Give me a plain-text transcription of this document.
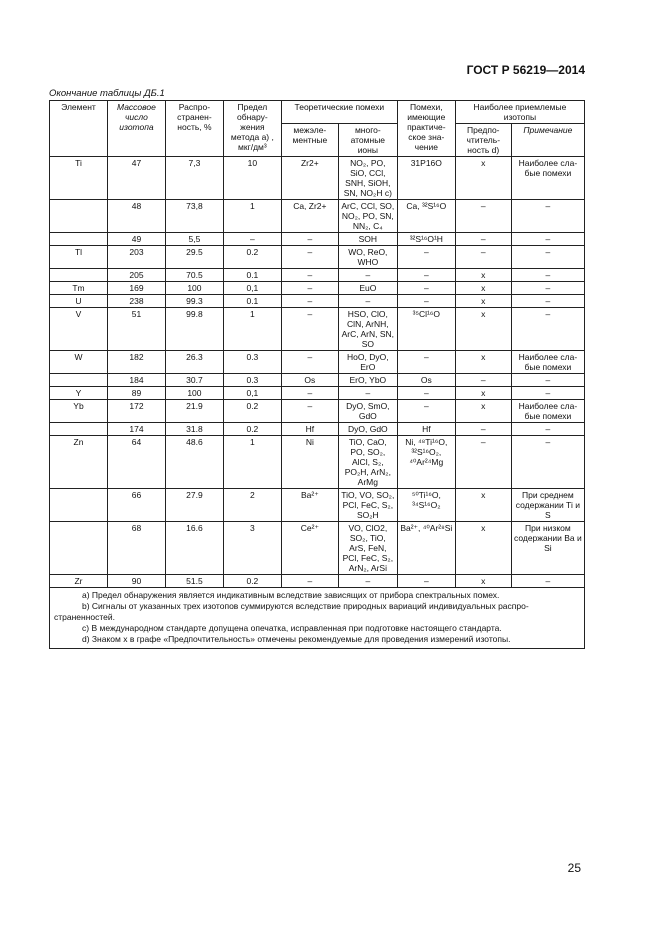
ГОСТ Р 56219—2014
Окончание таблицы ДБ.1
Элемент	Массовое число изотопа	Распро- странен- ность, %	Предел обнару- жения метода а) , мкг/дм³	Теоретические помехи		Помехи, имеющие практиче- ское зна- чение	Наиболее приемлемые изотопы	
				межэле- ментные	много- атомные ионы		Предпо- чтитель- ность d)	Примечание
Ti	47	7,3	10	Zr2+	NO₂, PO, SiO, CCl, SNH, SiOH, SN, NO₂H c)	31P16O	x	Наиболее сла- бые помехи
	48	73,8	1	Ca, Zr2+	ArC, CCl, SO, NO₂, PO, SN, NN₂, C₄	Ca, ³²S¹⁶O	–	–
	49	5,5	–	–	SOH	³²S¹⁶O¹H	–	–
Tl	203	29.5	0.2	–	WO, ReO, WHO	–	–	–
	205	70.5	0.1	–	–	–	x	–
Tm	169	100	0,1	–	EuO	–	x	–
U	238	99.3	0.1	–	–	–	x	–
V	51	99.8	1	–	HSO, ClO, ClN, ArNH, ArC, ArN, SN, SO	³⁵Cl¹⁶O	x	–
W	182	26.3	0.3	–	HoO, DyO, ErO	–	x	Наиболее сла- бые помехи
	184	30.7	0.3	Os	ErO, YbO	Os	–	–
Y	89	100	0,1	–	–	–	x	–
Yb	172	21.9	0.2	–	DyO, SmO, GdO	–	x	Наиболее сла- бые помехи
	174	31.8	0.2	Hf	DyO, GdO	Hf	–	–
Zn	64	48.6	1	Ni	TiO, CaO, PO, SO₂, AlCl, S₂, PO₂H, ArN₂, ArMg	Ni, ⁴⁸Ti¹⁶O, ³²S¹⁶O₂, ⁴⁰Ar²⁴Mg	–	–
	66	27.9	2	Ba²⁺	TiO, VO, SO₂, PCl, FeC, S₂, SO₂H	⁵⁰Ti¹⁶O, ³⁴S¹⁶O₂	x	При среднем содержании Ti и S
	68	16.6	3	Ce²⁺	VO, ClO2, SO₂, TiO, ArS, FeN, PCl, FeC, S₂, ArN₂, ArSi	Ba²⁺, ⁴⁰Ar²⁸Si	x	При низком содержании Ba и Si
Zr	90	51.5	0.2	–	–	–	x	–
а) Предел обнаружения является индикативным вследствие зависящих от прибора спектральных помех.
b) Сигналы от указанных трех изотопов суммируются вследствие природных вариаций индивидуальных распро- страненностей.
c) В международном стандарте допущена опечатка, исправленная при подготовке настоящего стандарта.
d) Знаком x в графе «Предпочтительность» отмечены рекомендуемые для проведения измерений изотопы.
25
